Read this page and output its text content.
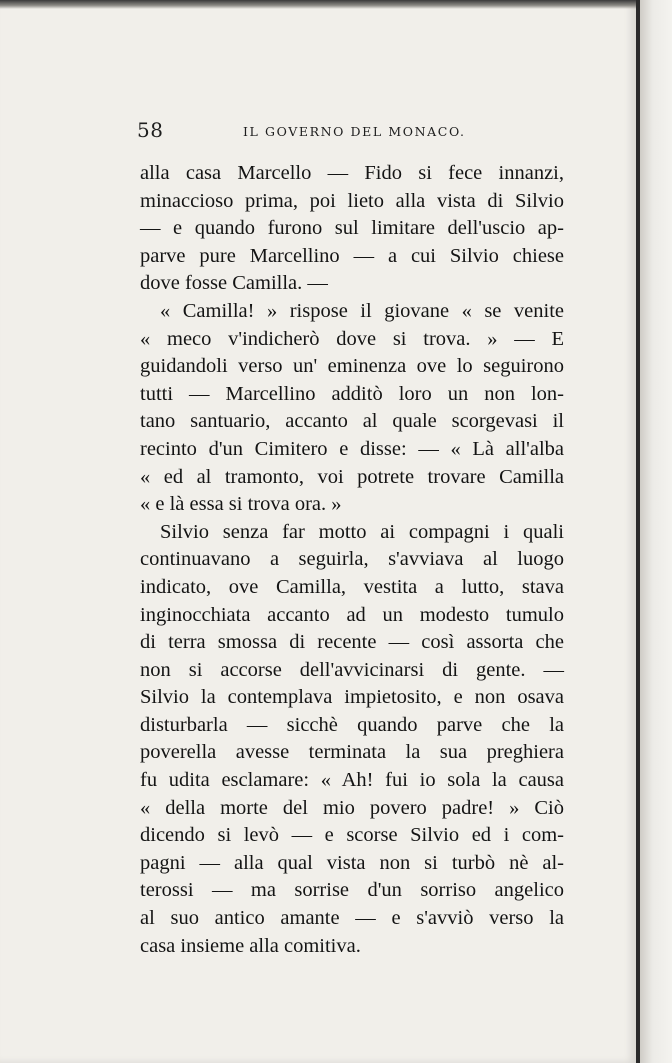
58	IL GOVERNO DEL MONACO.
alla casa Marcello — Fido si fece innanzi,
minaccioso prima, poi lieto alla vista di Silvio
— e quando furono sul limitare dell'uscio ap-
parve pure Marcellino — a cui Silvio chiese
dove fosse Camilla. —
« Camilla! » rispose il giovane « se venite
« meco v'indicherò dove si trova. » — E
guidandoli verso un' eminenza ove lo seguirono
tutti — Marcellino additò loro un non lon-
tano santuario, accanto al quale scorgevasi il
recinto d'un Cimitero e disse: — « Là all'alba
« ed al tramonto, voi potrete trovare Camilla
« e là essa si trova ora. »
Silvio senza far motto ai compagni i quali
continuavano a seguirla, s'avviava al luogo
indicato, ove Camilla, vestita a lutto, stava
inginocchiata accanto ad un modesto tumulo
di terra smossa di recente — così assorta che
non si accorse dell'avvicinarsi di gente. —
Silvio la contemplava impietosito, e non osava
disturbarla — sicchè quando parve che la
poverella avesse terminata la sua preghiera
fu udita esclamare: « Ah! fui io sola la causa
« della morte del mio povero padre! » Ciò
dicendo si levò — e scorse Silvio ed i com-
pagni — alla qual vista non si turbò nè al-
terossi — ma sorrise d'un sorriso angelico
al suo antico amante — e s'avviò verso la
casa insieme alla comitiva.
